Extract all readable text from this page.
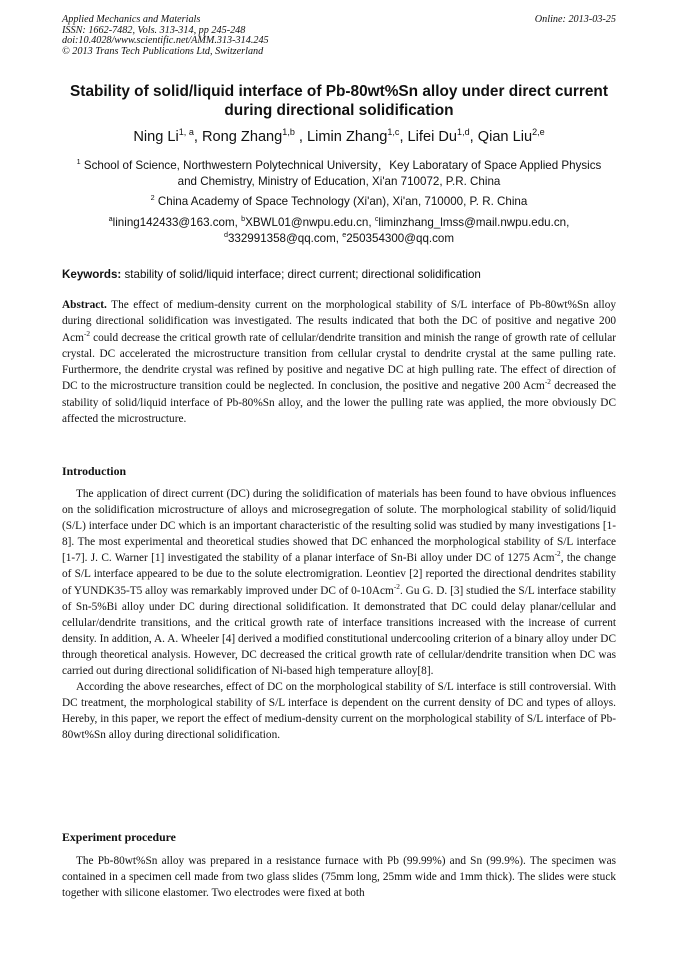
Applied Mechanics and Materials
ISSN: 1662-7482, Vols. 313-314, pp 245-248
doi:10.4028/www.scientific.net/AMM.313-314.245
© 2013 Trans Tech Publications Ltd, Switzerland
Online: 2013-03-25
Stability of solid/liquid interface of Pb-80wt%Sn alloy under direct current during directional solidification
Ning Li$^{1, a}$, Rong Zhang$^{1,b}$ , Limin Zhang$^{1,c}$, Lifei Du$^{1,d}$, Qian Liu$^{2,e}$
$^1$ School of Science, Northwestern Polytechnical University，Key Laboratary of Space Applied Physics and Chemistry, Ministry of Education, Xi'an 710072, P.R. China
$^2$ China Academy of Space Technology (Xi'an), Xi'an, 710000, P. R. China
$^a$lining142433@163.com, $^b$XBWL01@nwpu.edu.cn, $^c$liminzhang_lmss@mail.nwpu.edu.cn,
$^d$332991358@qq.com, $^e$250354300@qq.com
Keywords: stability of solid/liquid interface; direct current; directional solidification
Abstract. The effect of medium-density current on the morphological stability of S/L interface of Pb-80wt%Sn alloy during directional solidification was investigated. The results indicated that both the DC of positive and negative 200 Acm$^{-2}$ could decrease the critical growth rate of cellular/dendrite transition and minish the range of growth rate of cellular crystal. DC accelerated the microstructure transition from cellular crystal to dendrite crystal at the same pulling rate. Furthermore, the dendrite crystal was refined by positive and negative DC at high pulling rate. The effect of direction of DC to the microstructure transition could be neglected. In conclusion, the positive and negative 200 Acm$^{-2}$ decreased the stability of solid/liquid interface of Pb-80%Sn alloy, and the lower the pulling rate was applied, the more obviously DC affected the microstructure.
Introduction

The application of direct current (DC) during the solidification of materials has been found to have obvious influences on the solidification microstructure of alloys and microsegregation of solute. The morphological stability of solid/liquid (S/L) interface under DC which is an important characteristic of the resulting solid was studied by many investigations [1-8]. The most experimental and theoretical studies showed that DC enhanced the morphological stability of S/L interface [1-7]. J. C. Warner [1] investigated the stability of a planar interface of Sn-Bi alloy under DC of 1275 Acm$^{-2}$, the change of S/L interface appeared to be due to the solute electromigration. Leontiev [2] reported the directional dendrites stability of YUNDK35-T5 alloy was remarkably improved under DC of 0-10Acm$^{-2}$. Gu G. D. [3] studied the S/L interface stability of Sn-5%Bi alloy under DC during directional solidification. It demonstrated that DC could delay planar/cellular and cellular/dendrite transitions, and the critical growth rate of interface transitions increased with the increase of current density. In addition, A. A. Wheeler [4] derived a modified constitutional undercooling criterion of a binary alloy under DC through theoretical analysis. However, DC decreased the critical growth rate of cellular/dendrite transition when DC was carried out during directional solidification of Ni-based high temperature alloy[8].

According the above researches, effect of DC on the morphological stability of S/L interface is still controversial. With DC treatment, the morphological stability of S/L interface is dependent on the current density of DC and types of alloys. Hereby, in this paper, we report the effect of medium-density current on the morphological stability of S/L interface of Pb-80wt%Sn alloy during directional solidification.

Experiment procedure

The Pb-80wt%Sn alloy was prepared in a resistance furnace with Pb (99.99%) and Sn (99.9%). The specimen was contained in a specimen cell made from two glass slides (75mm long, 25mm wide and 1mm thick). The slides were stuck together with silicone elastomer. Two electrodes were fixed at both
